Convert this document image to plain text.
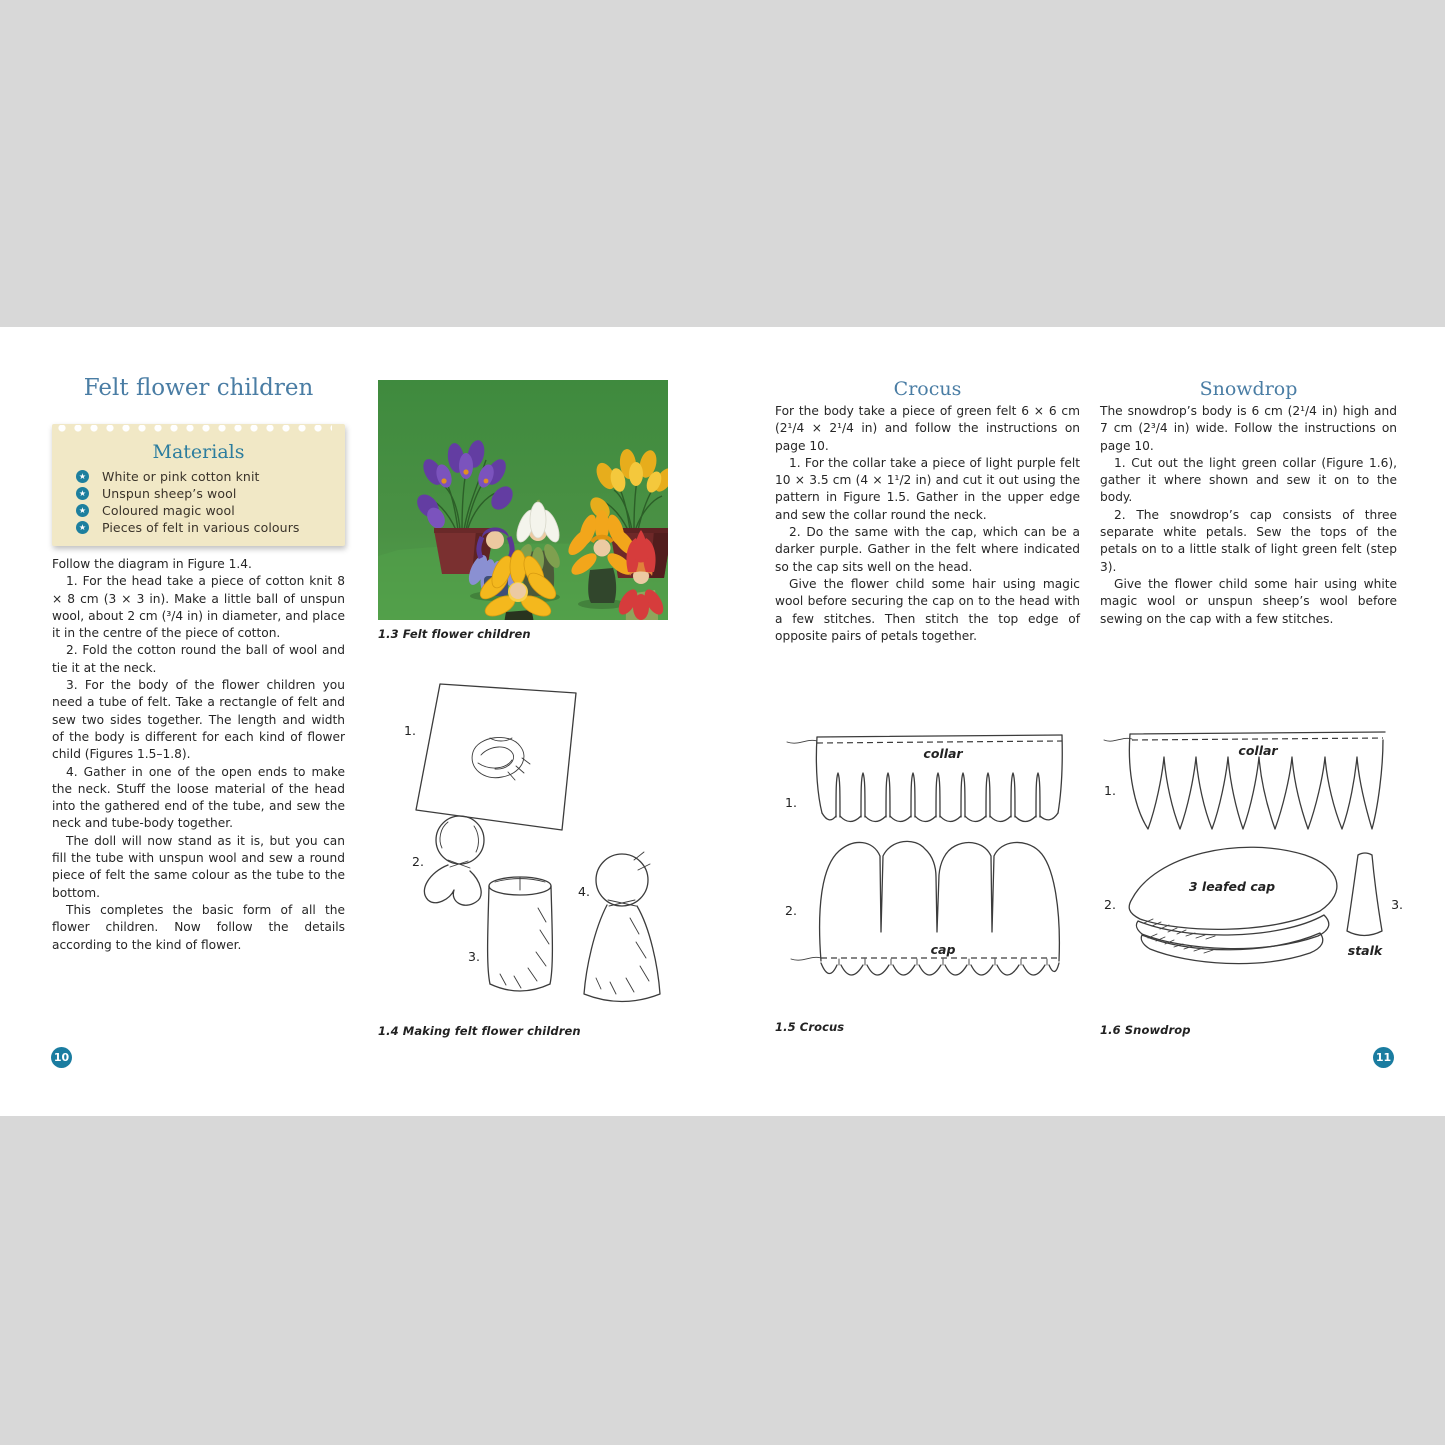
Felt flower children
Materials
★ White or pink cotton knit
★ Unspun sheep’s wool
★ Coloured magic wool
★ Pieces of felt in various colours

Follow the diagram in Figure 1.4.

1. For the head take a piece of cotton knit 8 × 8 cm (3 × 3 in). Make a little ball of unspun wool, about 2 cm (³/4 in) in diameter, and place it in the centre of the piece of cotton.

2. Fold the cotton round the ball of wool and tie it at the neck.

3. For the body of the flower children you need a tube of felt. Take a rectangle of felt and sew two sides together. The length and width of the body is different for each kind of flower child (Figures 1.5–1.8).

4. Gather in one of the open ends to make the neck. Stuff the loose material of the head into the gathered end of the tube, and sew the neck and tube-body together.

The doll will now stand as it is, but you can fill the tube with unspun wool and sew a round piece of felt the same colour as the tube to the bottom.

This completes the basic form of all the flower children. Now follow the details according to the kind of flower.

1.3 Felt flower children
1.
2.
3.
4.
1.4 Making felt flower children
10
Crocus

For the body take a piece of green felt 6 × 6 cm (2¹/4 × 2¹/4 in) and follow the instructions on page 10.

1. For the collar take a piece of light purple felt 10 × 3.5 cm (4 × 1¹/2 in) and cut it out using the pattern in Figure 1.5. Gather in the upper edge and sew the collar round the neck.

2. Do the same with the cap, which can be a darker purple. Gather in the felt where indicated so the cap sits well on the head.

Give the flower child some hair using magic wool before securing the cap on to the head with a few stitches. Then stitch the top edge of opposite pairs of petals together.

collar
1.
cap
2.
1.5 Crocus
Snowdrop

The snowdrop’s body is 6 cm (2¹/4 in) high and 7 cm (2³/4 in) wide. Follow the instructions on page 10.

1. Cut out the light green collar (Figure 1.6), gather it where shown and sew it on to the body.

2. The snowdrop’s cap consists of three separate white petals. Sew the tops of the petals on to a little stalk of light green felt (step 3).

Give the flower child some hair using white magic wool or unspun sheep’s wool before sewing on the cap with a few stitches.

collar
1.
3 leafed cap
2.
stalk
3.
1.6 Snowdrop
11
